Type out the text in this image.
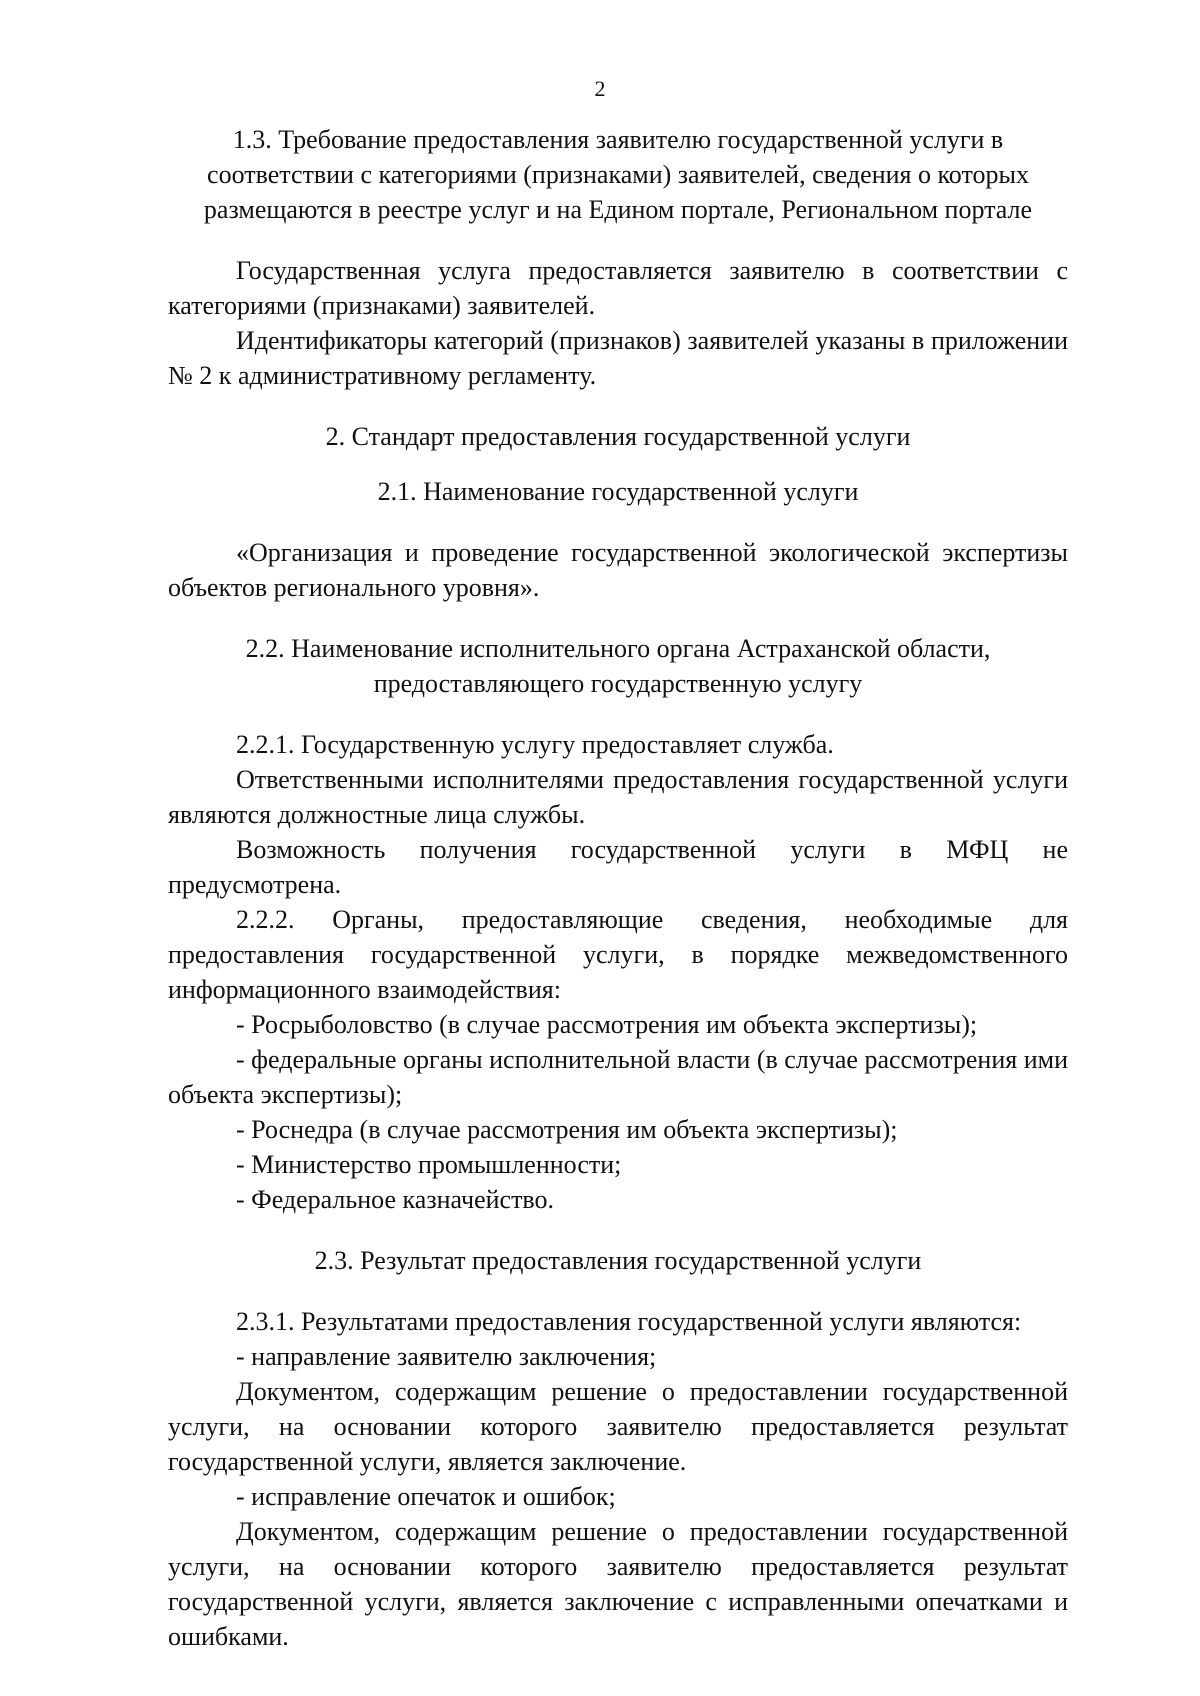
2

1.3. Требование предоставления заявителю государственной услуги в соответствии с категориями (признаками) заявителей, сведения о которых размещаются в реестре услуг и на Едином портале, Региональном портале

Государственная услуга предоставляется заявителю в соответствии с категориями (признаками) заявителей.

Идентификаторы категорий (признаков) заявителей указаны в приложении № 2 к административному регламенту.

2. Стандарт предоставления государственной услуги

2.1. Наименование государственной услуги

«Организация и проведение государственной экологической экспертизы объектов регионального уровня».

2.2. Наименование исполнительного органа Астраханской области, предоставляющего государственную услугу

2.2.1. Государственную услугу предоставляет служба.

Ответственными исполнителями предоставления государственной услуги являются должностные лица службы.

Возможность получения государственной услуги в МФЦ не предусмотрена.

2.2.2. Органы, предоставляющие сведения, необходимые для предоставления государственной услуги, в порядке межведомственного информационного взаимодействия:

- Росрыболовство (в случае рассмотрения им объекта экспертизы);

- федеральные органы исполнительной власти (в случае рассмотрения ими объекта экспертизы);

- Роснедра (в случае рассмотрения им объекта экспертизы);

- Министерство промышленности;

- Федеральное казначейство.

2.3. Результат предоставления государственной услуги

2.3.1. Результатами предоставления государственной услуги являются:

- направление заявителю заключения;

Документом, содержащим решение о предоставлении государственной услуги, на основании которого заявителю предоставляется результат государственной услуги, является заключение.

- исправление опечаток и ошибок;

Документом, содержащим решение о предоставлении государственной услуги, на основании которого заявителю предоставляется результат государственной услуги, является заключение с исправленными опечатками и ошибками.
